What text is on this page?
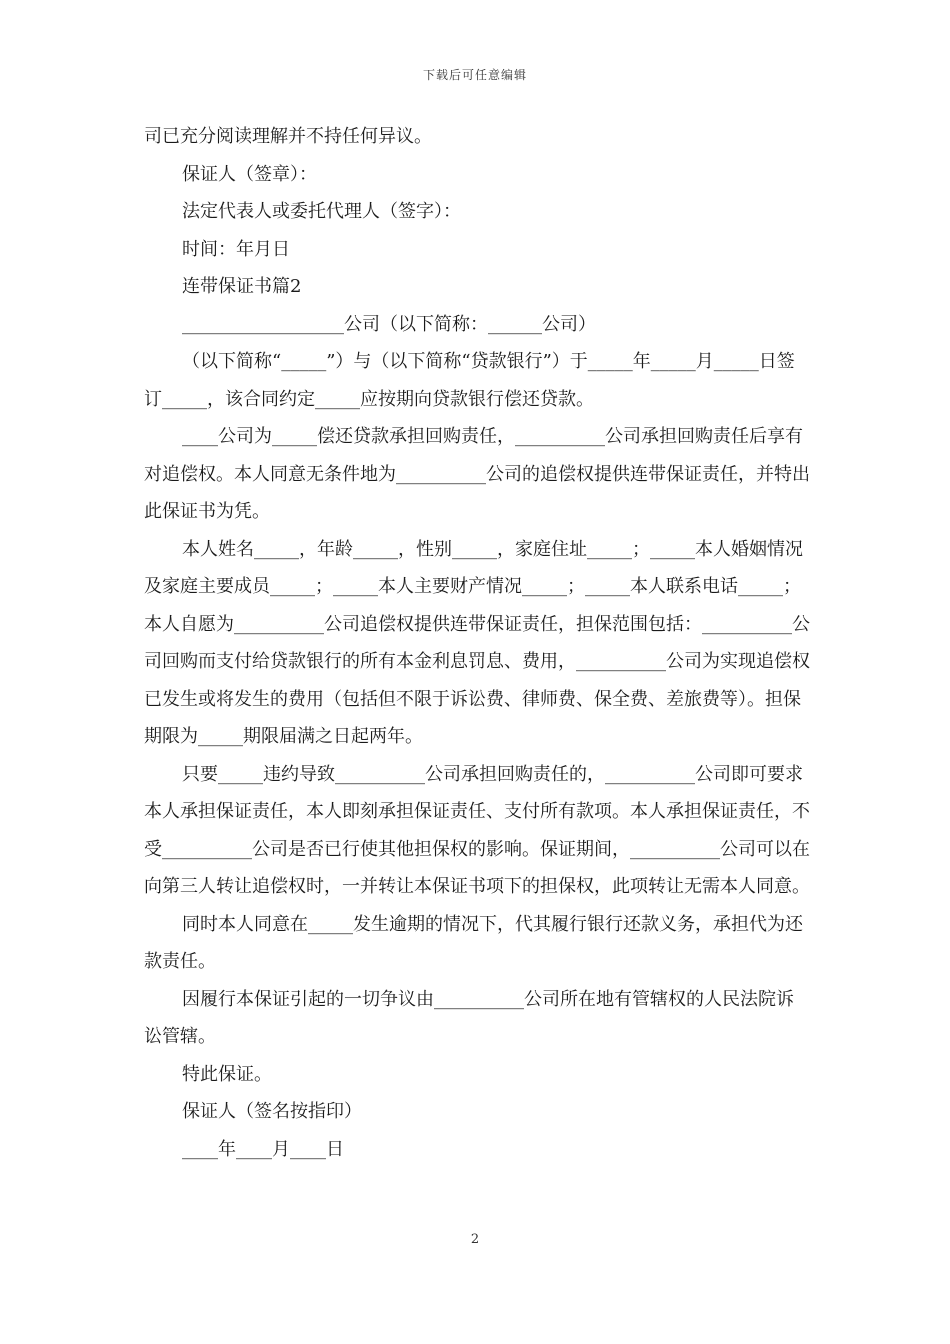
下载后可任意编辑

司已充分阅读理解并不持任何异议。

保证人（签章）：

法定代表人或委托代理人（签字）：

时间：年月日

连带保证书篇2

__________________公司（以下简称：______公司）

（以下简称“_____”）与（以下简称“贷款银行”）于_____年_____月_____日签订_____，该合同约定_____应按期向贷款银行偿还贷款。

____公司为_____偿还贷款承担回购责任，__________公司承担回购责任后享有对追偿权。本人同意无条件地为__________公司的追偿权提供连带保证责任，并特出此保证书为凭。

本人姓名_____，年龄_____，性别_____，家庭住址_____；_____本人婚姻情况及家庭主要成员_____；_____本人主要财产情况_____；_____本人联系电话_____；本人自愿为__________公司追偿权提供连带保证责任，担保范围包括：__________公司回购而支付给贷款银行的所有本金利息罚息、费用，__________公司为实现追偿权已发生或将发生的费用（包括但不限于诉讼费、律师费、保全费、差旅费等）。担保期限为_____期限届满之日起两年。

只要_____违约导致__________公司承担回购责任的，__________公司即可要求本人承担保证责任，本人即刻承担保证责任、支付所有款项。本人承担保证责任，不受__________公司是否已行使其他担保权的影响。保证期间，__________公司可以在向第三人转让追偿权时，一并转让本保证书项下的担保权，此项转让无需本人同意。

同时本人同意在_____发生逾期的情况下，代其履行银行还款义务，承担代为还款责任。

因履行本保证引起的一切争议由__________公司所在地有管辖权的人民法院诉讼管辖。

特此保证。

保证人（签名按指印）

____年____月____日

2
